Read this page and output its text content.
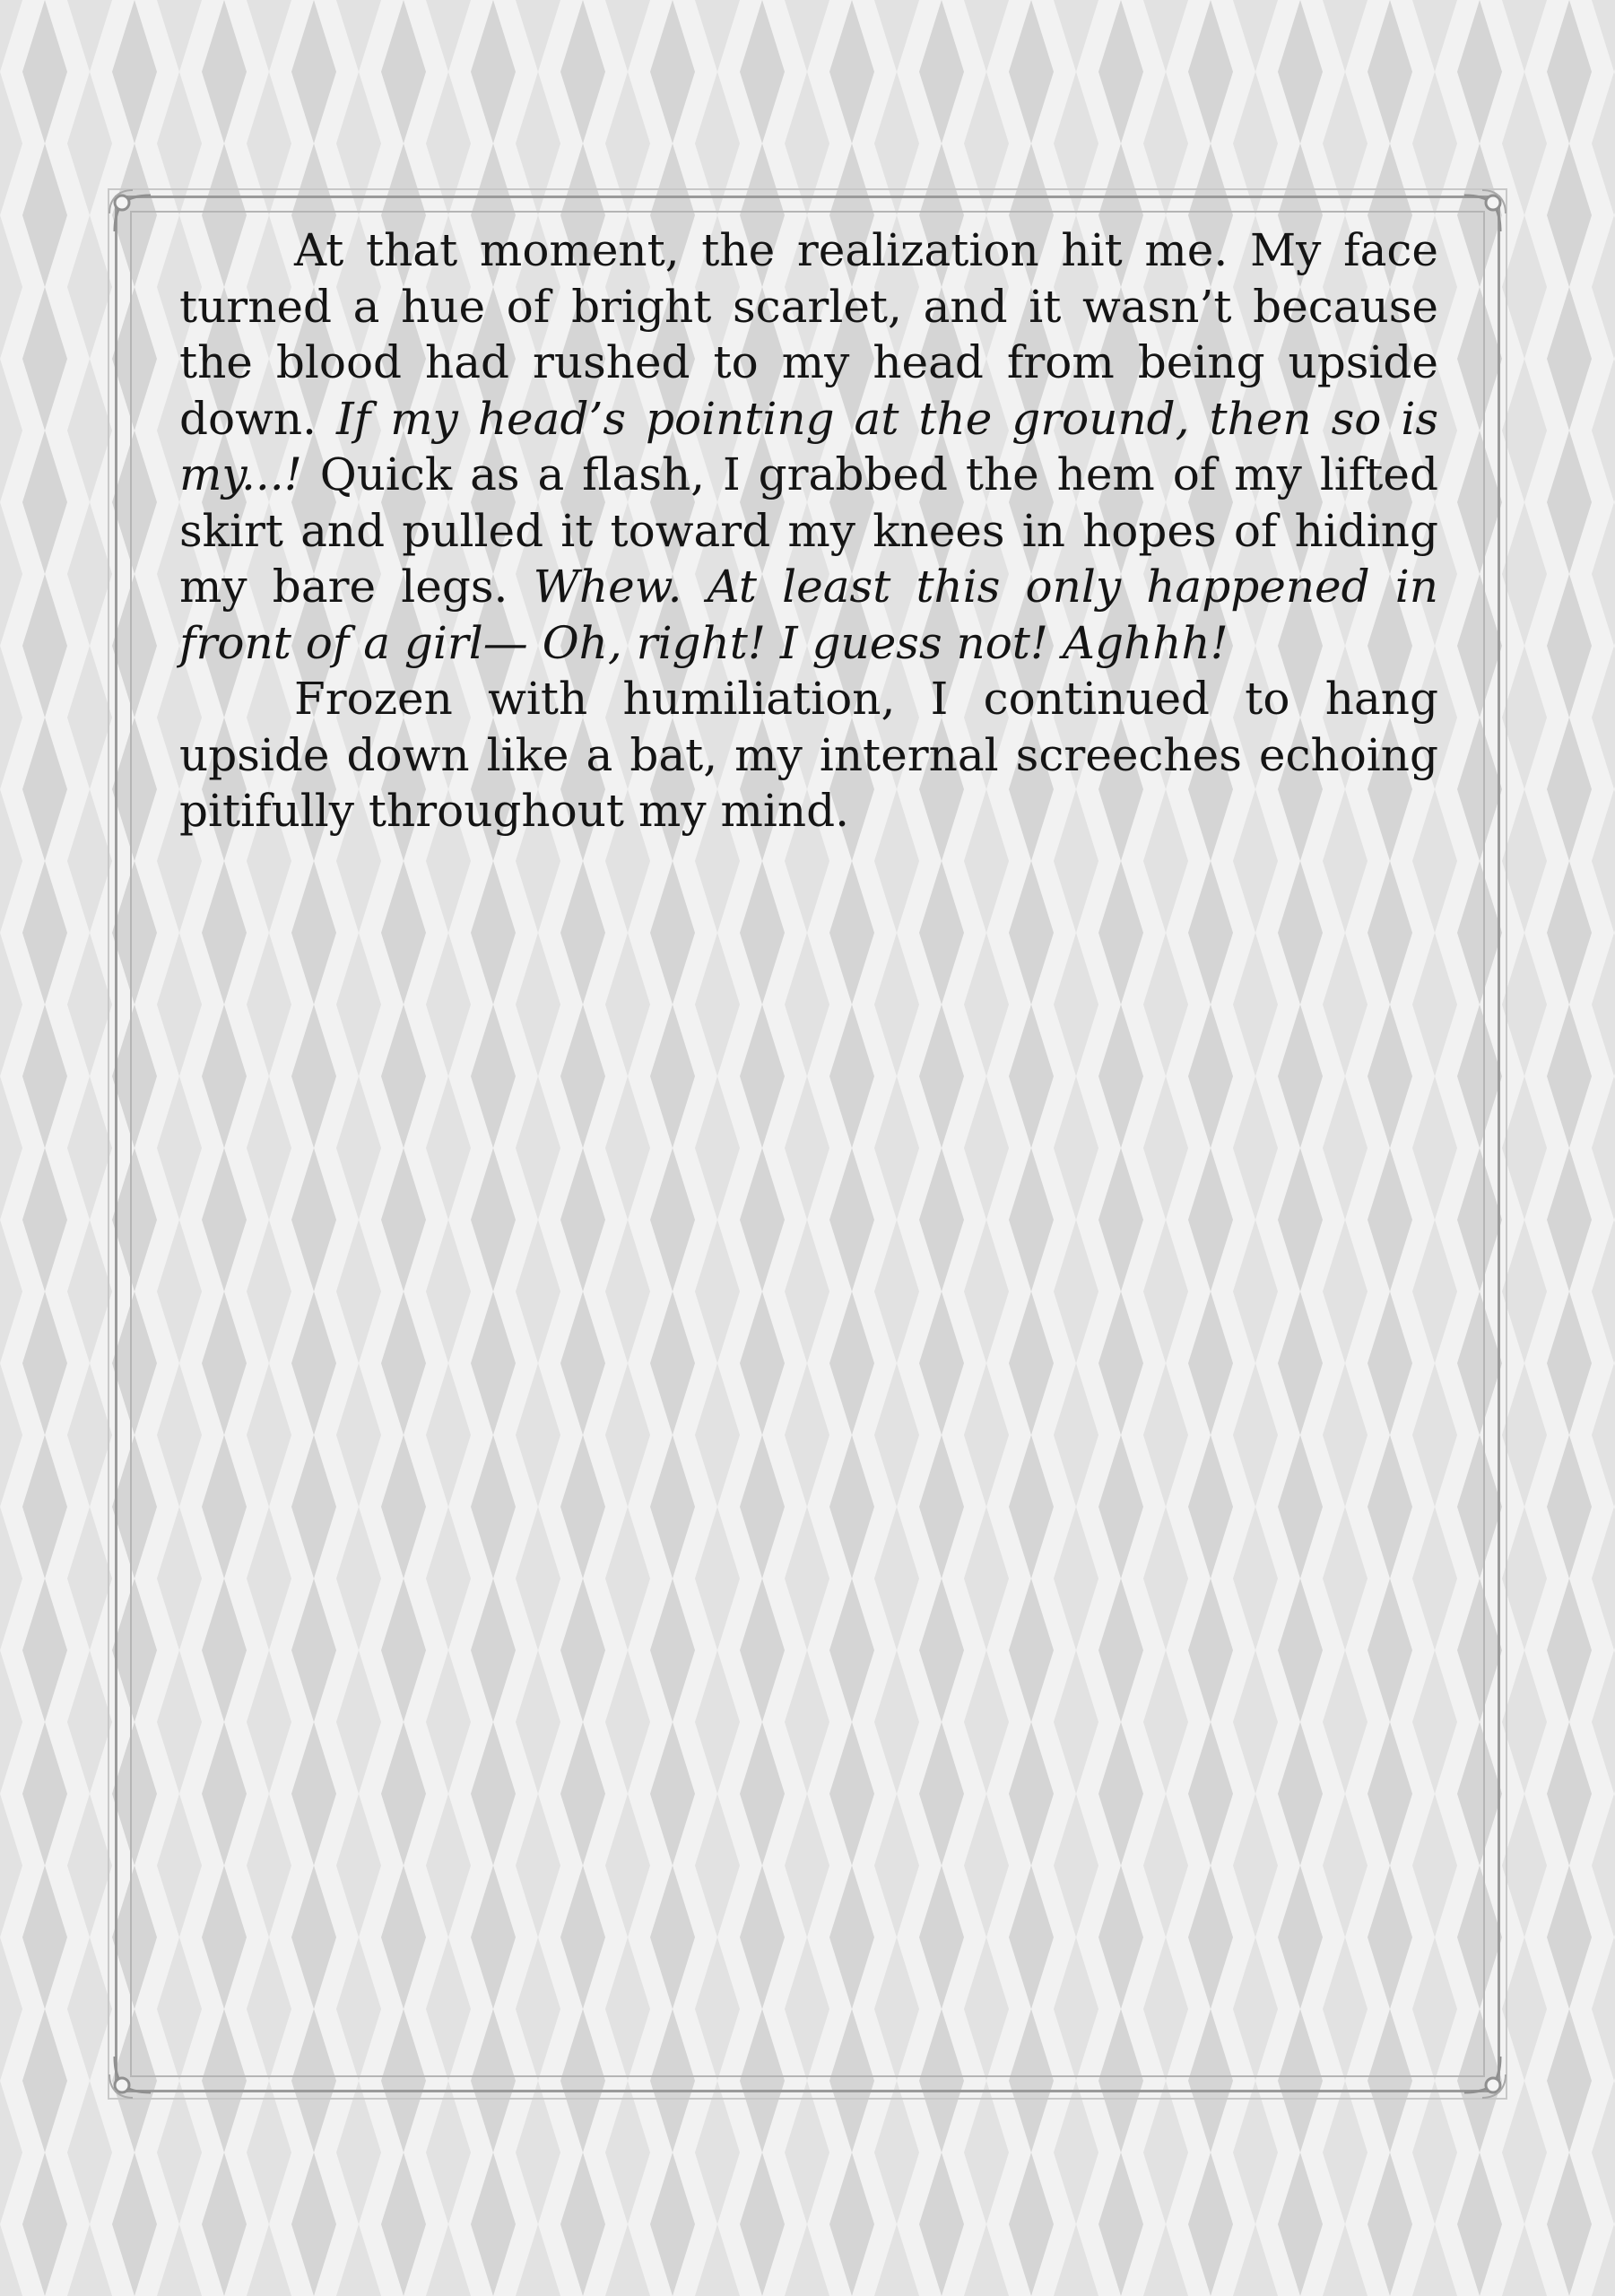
At that moment, the realization hit me. My face turned a hue of bright scarlet, and it wasn’t because the blood had rushed to my head from being upside down. If my head’s pointing at the ground, then so is my...! Quick as a flash, I grabbed the hem of my lifted skirt and pulled it toward my knees in hopes of hiding my bare legs. Whew. At least this only happened in front of a girl— Oh, right! I guess not! Aghhh!

Frozen with humiliation, I continued to hang upside down like a bat, my internal screeches echoing pitifully throughout my mind.
